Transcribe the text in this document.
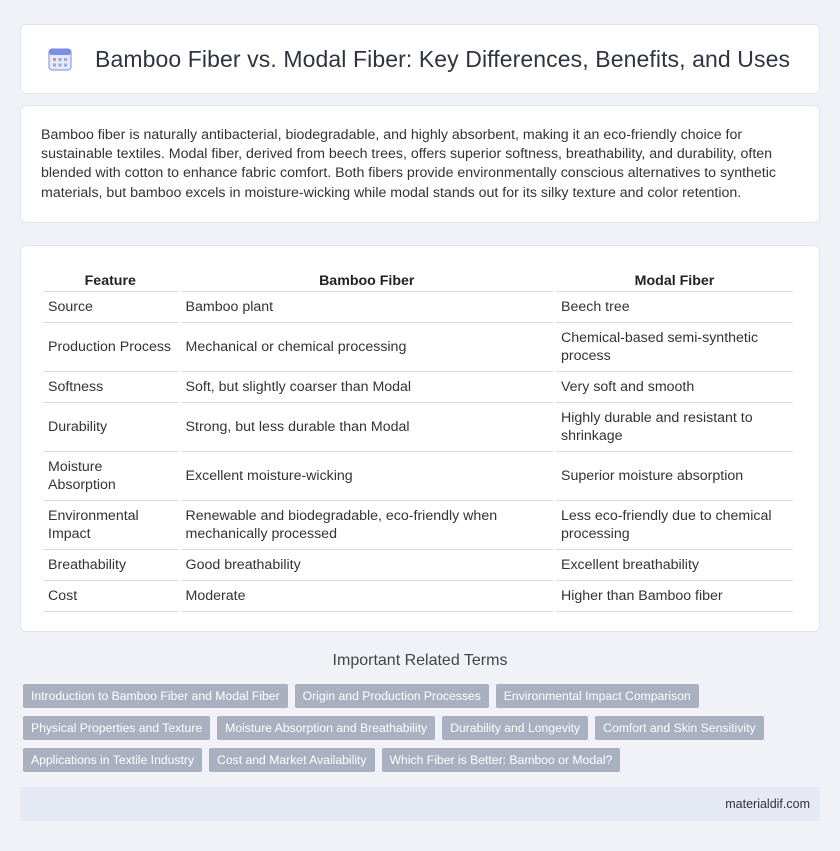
Bamboo Fiber vs. Modal Fiber: Key Differences, Benefits, and Uses

Bamboo fiber is naturally antibacterial, biodegradable, and highly absorbent, making it an eco-friendly choice for sustainable textiles. Modal fiber, derived from beech trees, offers superior softness, breathability, and durability, often blended with cotton to enhance fabric comfort. Both fibers provide environmentally conscious alternatives to synthetic materials, but bamboo excels in moisture-wicking while modal stands out for its silky texture and color retention.

Feature	Bamboo Fiber	Modal Fiber
Source	Bamboo plant	Beech tree
Production Process	Mechanical or chemical processing	Chemical-based semi-synthetic process
Softness	Soft, but slightly coarser than Modal	Very soft and smooth
Durability	Strong, but less durable than Modal	Highly durable and resistant to shrinkage
Moisture Absorption	Excellent moisture-wicking	Superior moisture absorption
Environmental Impact	Renewable and biodegradable, eco-friendly when mechanically processed	Less eco-friendly due to chemical processing
Breathability	Good breathability	Excellent breathability
Cost	Moderate	Higher than Bamboo fiber
Important Related Terms
Introduction to Bamboo Fiber and Modal Fiber	Origin and Production Processes	Environmental Impact Comparison
Physical Properties and Texture	Moisture Absorption and Breathability	Durability and Longevity	Comfort and Skin Sensitivity
Applications in Textile Industry	Cost and Market Availability	Which Fiber is Better: Bamboo or Modal?
materialdif.com
